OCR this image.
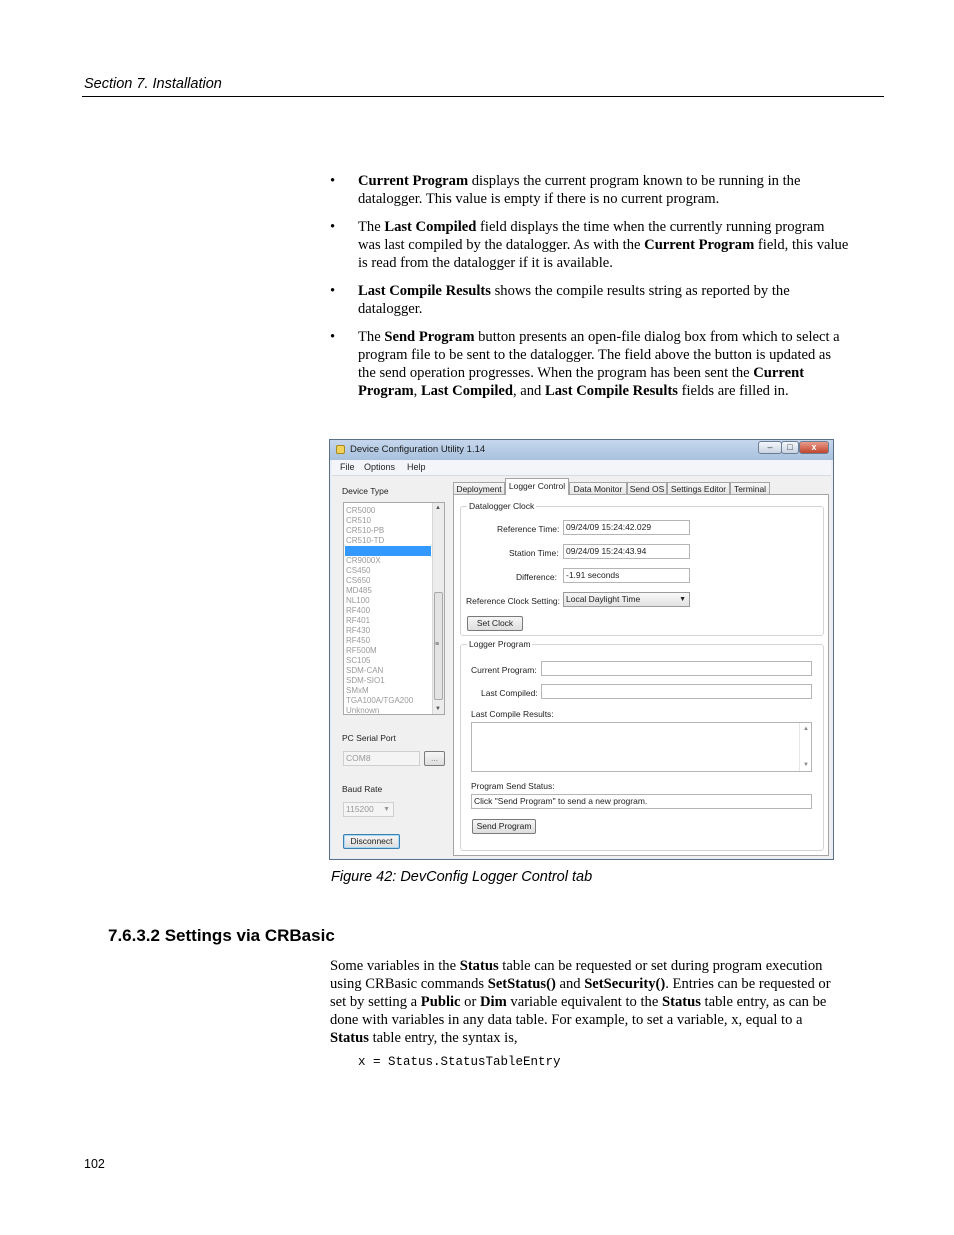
Section 7. Installation
• Current Program displays the current program known to be running in the datalogger. This value is empty if there is no current program.
• The Last Compiled field displays the time when the currently running program was last compiled by the datalogger. As with the Current Program field, this value is read from the datalogger if it is available.
• Last Compile Results shows the compile results string as reported by the datalogger.
• The Send Program button presents an open-file dialog box from which to select a program file to be sent to the datalogger. The field above the button is updated as the send operation progresses. When the program has been sent the Current Program, Last Compiled, and Last Compile Results fields are filled in.
Device Configuration Utility 1.14	–	□	x
File Options Help
Device Type
▲
≡
▼
CR5000
CR510
CR510-PB
CR510-TD
CR9000X
CS450
CS650
MD485
NL100
RF400
RF401
RF430
RF450
RF500M
SC105
SDM-CAN
SDM-SIO1
SMxM
TGA100A/TGA200
Unknown
PC Serial Port
COM8	...
Baud Rate
115200 ▼
Disconnect
Deployment Logger Control	Data Monitor Send OS Settings Editor Terminal
Datalogger Clock
Reference Time: 09/24/09 15:24:42.029
Station Time: 09/24/09 15:24:43.94
Difference:	-1.91 seconds
Reference Clock Setting: Local Daylight Time	▼
Set Clock
Logger Program
Current Program:
Last Compiled:
Last Compile Results:
▲
▼
Program Send Status:
Click "Send Program" to send a new program.
Send Program
Figure 42: DevConfig Logger Control tab
7.6.3.2 Settings via CRBasic

Some variables in the Status table can be requested or set during program execution using CRBasic commands SetStatus() and SetSecurity(). Entries can be requested or set by setting a Public or Dim variable equivalent to the Status table entry, as can be done with variables in any data table. For example, to set a variable, x, equal to a Status table entry, the syntax is,

x = Status.StatusTableEntry
102
